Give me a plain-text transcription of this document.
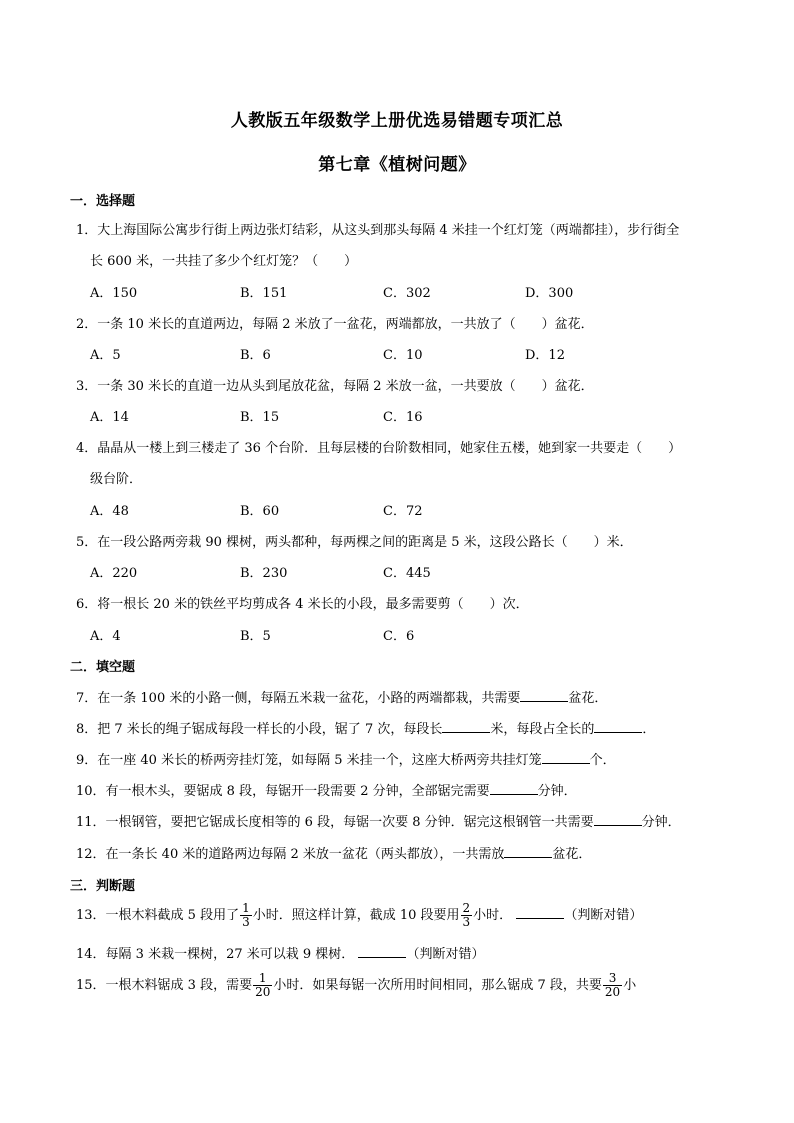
人教版五年级数学上册优选易错题专项汇总
第七章《植树问题》
一．选择题
1．大上海国际公寓步行街上两边张灯结彩，从这头到那头每隔 4 米挂一个红灯笼（两端都挂），步行街全
长 600 米，一共挂了多少个红灯笼？（　　）
A．150	B．151	C．302	D．300
2．一条 10 米长的直道两边，每隔 2 米放了一盆花，两端都放，一共放了（　　）盆花．
A．5	B．6	C．10	D．12
3．一条 30 米长的直道一边从头到尾放花盆，每隔 2 米放一盆，一共要放（　　）盆花．
A．14	B．15	C．16
4．晶晶从一楼上到三楼走了 36 个台阶．且每层楼的台阶数相同，她家住五楼，她到家一共要走（　　）
级台阶．
A．48	B．60	C．72
5．在一段公路两旁栽 90 棵树，两头都种，每两棵之间的距离是 5 米，这段公路长（　　）米．
A．220	B．230	C．445
6．将一根长 20 米的铁丝平均剪成各 4 米长的小段，最多需要剪（　　）次．
A．4	B．5	C．6
二．填空题
7．在一条 100 米的小路一侧，每隔五米栽一盆花，小路的两端都栽，共需要	盆花．
8．把 7 米长的绳子锯成每段一样长的小段，锯了 7 次，每段长	米，每段占全长的	．
9．在一座 40 米长的桥两旁挂灯笼，如每隔 5 米挂一个，这座大桥两旁共挂灯笼	个．
10．有一根木头，要锯成 8 段，每锯开一段需要 2 分钟，全部锯完需要	分钟．
11．一根钢管，要把它锯成长度相等的 6 段，每锯一次要 8 分钟．锯完这根钢管一共需要	分钟．
12．在一条长 40 米的道路两边每隔 2 米放一盆花（两头都放），一共需放	盆花．
三．判断题
13．一根木料截成 5 段用了 $\frac{1}{3}$ 小时．照这样计算，截成 10 段要用 $\frac{2}{3}$ 小时．	（判断对错）
14．每隔 3 米栽一棵树，27 米可以栽 9 棵树．	（判断对错）
15．一根木料锯成 3 段，需要 $\frac{1}{20}$ 小时．如果每锯一次所用时间相同，那么锯成 7 段，共要 $\frac{3}{20}$ 小
